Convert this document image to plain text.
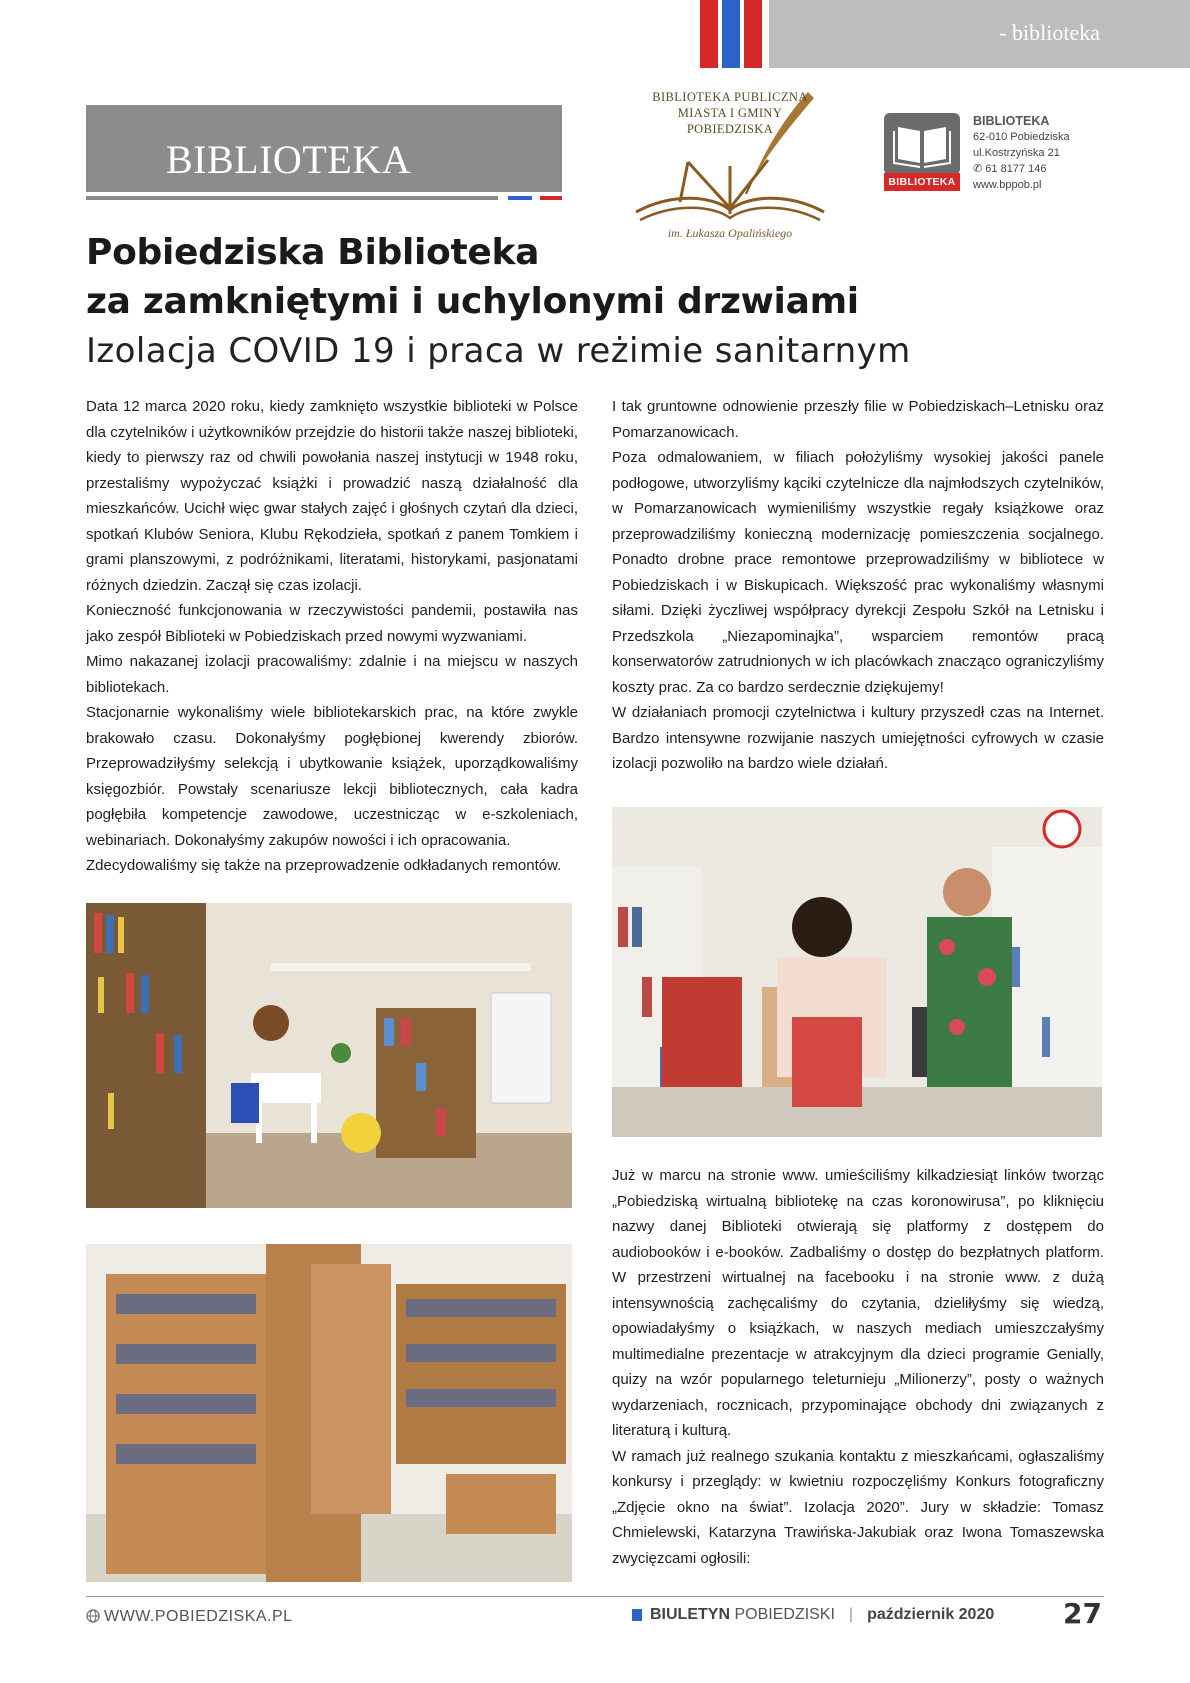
- biblioteka
BIBLIOTEKA
BIBLIOTEKA PUBLICZNA
MIASTA I GMINY
POBIEDZISKA
im. Łukasza Opalińskiego
BIBLIOTEKA
BIBLIOTEKA
62-010 Pobiedziska
ul.Kostrzyńska 21
✆ 61 8177 146
www.bppob.pl
Pobiedziska Biblioteka
za zamkniętymi i uchylonymi drzwiami
Izolacja COVID 19 i praca w reżimie sanitarnym

Data 12 marca 2020 roku, kiedy zamknięto wszystkie biblioteki w Polsce dla czytelników i użytkowników przejdzie do historii także naszej biblioteki, kiedy to pierwszy raz od chwili powołania naszej instytucji w 1948 roku, przestaliśmy wypożyczać książki i prowadzić naszą działalność dla mieszkańców. Ucichł więc gwar stałych zajęć i głośnych czytań dla dzieci, spotkań Klubów Seniora, Klubu Rękodzieła, spotkań z panem Tomkiem i grami planszowymi, z podróżnikami, literatami, historykami, pasjonatami różnych dziedzin. Zaczął się czas izolacji.

Konieczność funkcjonowania w rzeczywistości pandemii, postawiła nas jako zespół Biblioteki w Pobiedziskach przed nowymi wyzwaniami.

Mimo nakazanej izolacji pracowaliśmy: zdalnie i na miejscu w naszych bibliotekach.

Stacjonarnie wykonaliśmy wiele bibliotekarskich prac, na które zwykle brakowało czasu. Dokonałyśmy pogłębionej kwerendy zbiorów. Przeprowadziłyśmy selekcją i ubytkowanie książek, uporządkowaliśmy księgozbiór. Powstały scenariusze lekcji bibliotecznych, cała kadra pogłębiła kompetencje zawodowe, uczestnicząc w e-szkoleniach, webinariach. Dokonałyśmy zakupów nowości i ich opracowania.

Zdecydowaliśmy się także na przeprowadzenie odkładanych remontów.

I tak gruntowne odnowienie przeszły filie w Pobiedziskach–Letnisku oraz Pomarzanowicach.

Poza odmalowaniem, w filiach położyliśmy wysokiej jakości panele podłogowe, utworzyliśmy kąciki czytelnicze dla najmłodszych czytelników, w Pomarzanowicach wymieniliśmy wszystkie regały książkowe oraz przeprowadziliśmy konieczną modernizację pomieszczenia socjalnego. Ponadto drobne prace remontowe przeprowadziliśmy w bibliotece w Pobiedziskach i w Biskupicach. Większość prac wykonaliśmy własnymi siłami. Dzięki życzliwej współpracy dyrekcji Zespołu Szkół na Letnisku i Przedszkola „Niezapominajka”, wsparciem remontów pracą konserwatorów zatrudnionych w ich placówkach znacząco ograniczyliśmy koszty prac. Za co bardzo serdecznie dziękujemy!

W działaniach promocji czytelnictwa i kultury przyszedł czas na Internet. Bardzo intensywne rozwijanie naszych umiejętności cyfrowych w czasie izolacji pozwoliło na bardzo wiele działań.

Już w marcu na stronie www. umieściliśmy kilkadziesiąt linków tworząc „Pobiedziską wirtualną bibliotekę na czas koronowirusa”, po kliknięciu nazwy danej Biblioteki otwierają się platformy z dostępem do audiobooków i e-booków. Zadbaliśmy o dostęp do bezpłatnych platform. W przestrzeni wirtualnej na facebooku i na stronie www. z dużą intensywnością zachęcaliśmy do czytania, dzieliłyśmy się wiedzą, opowiadałyśmy o książkach, w naszych mediach umieszczałyśmy multimedialne prezentacje w atrakcyjnym dla dzieci programie Genially, quizy na wzór popularnego teleturnieju „Milionerzy”, posty o ważnych wydarzeniach, rocznicach, przypominające obchody dni związanych z literaturą i kulturą.

W ramach już realnego szukania kontaktu z mieszkańcami, ogłaszaliśmy konkursy i przeglądy: w kwietniu rozpoczęliśmy Konkurs fotograficzny „Zdjęcie okno na świat”. Izolacja 2020”. Jury w składzie: Tomasz Chmielewski, Katarzyna Trawińska-Jakubiak oraz Iwona Tomaszewska zwycięzcami ogłosili:

WWW.POBIEDZISKA.PL	BIULETYN POBIEDZISKI | październik 2020 27
